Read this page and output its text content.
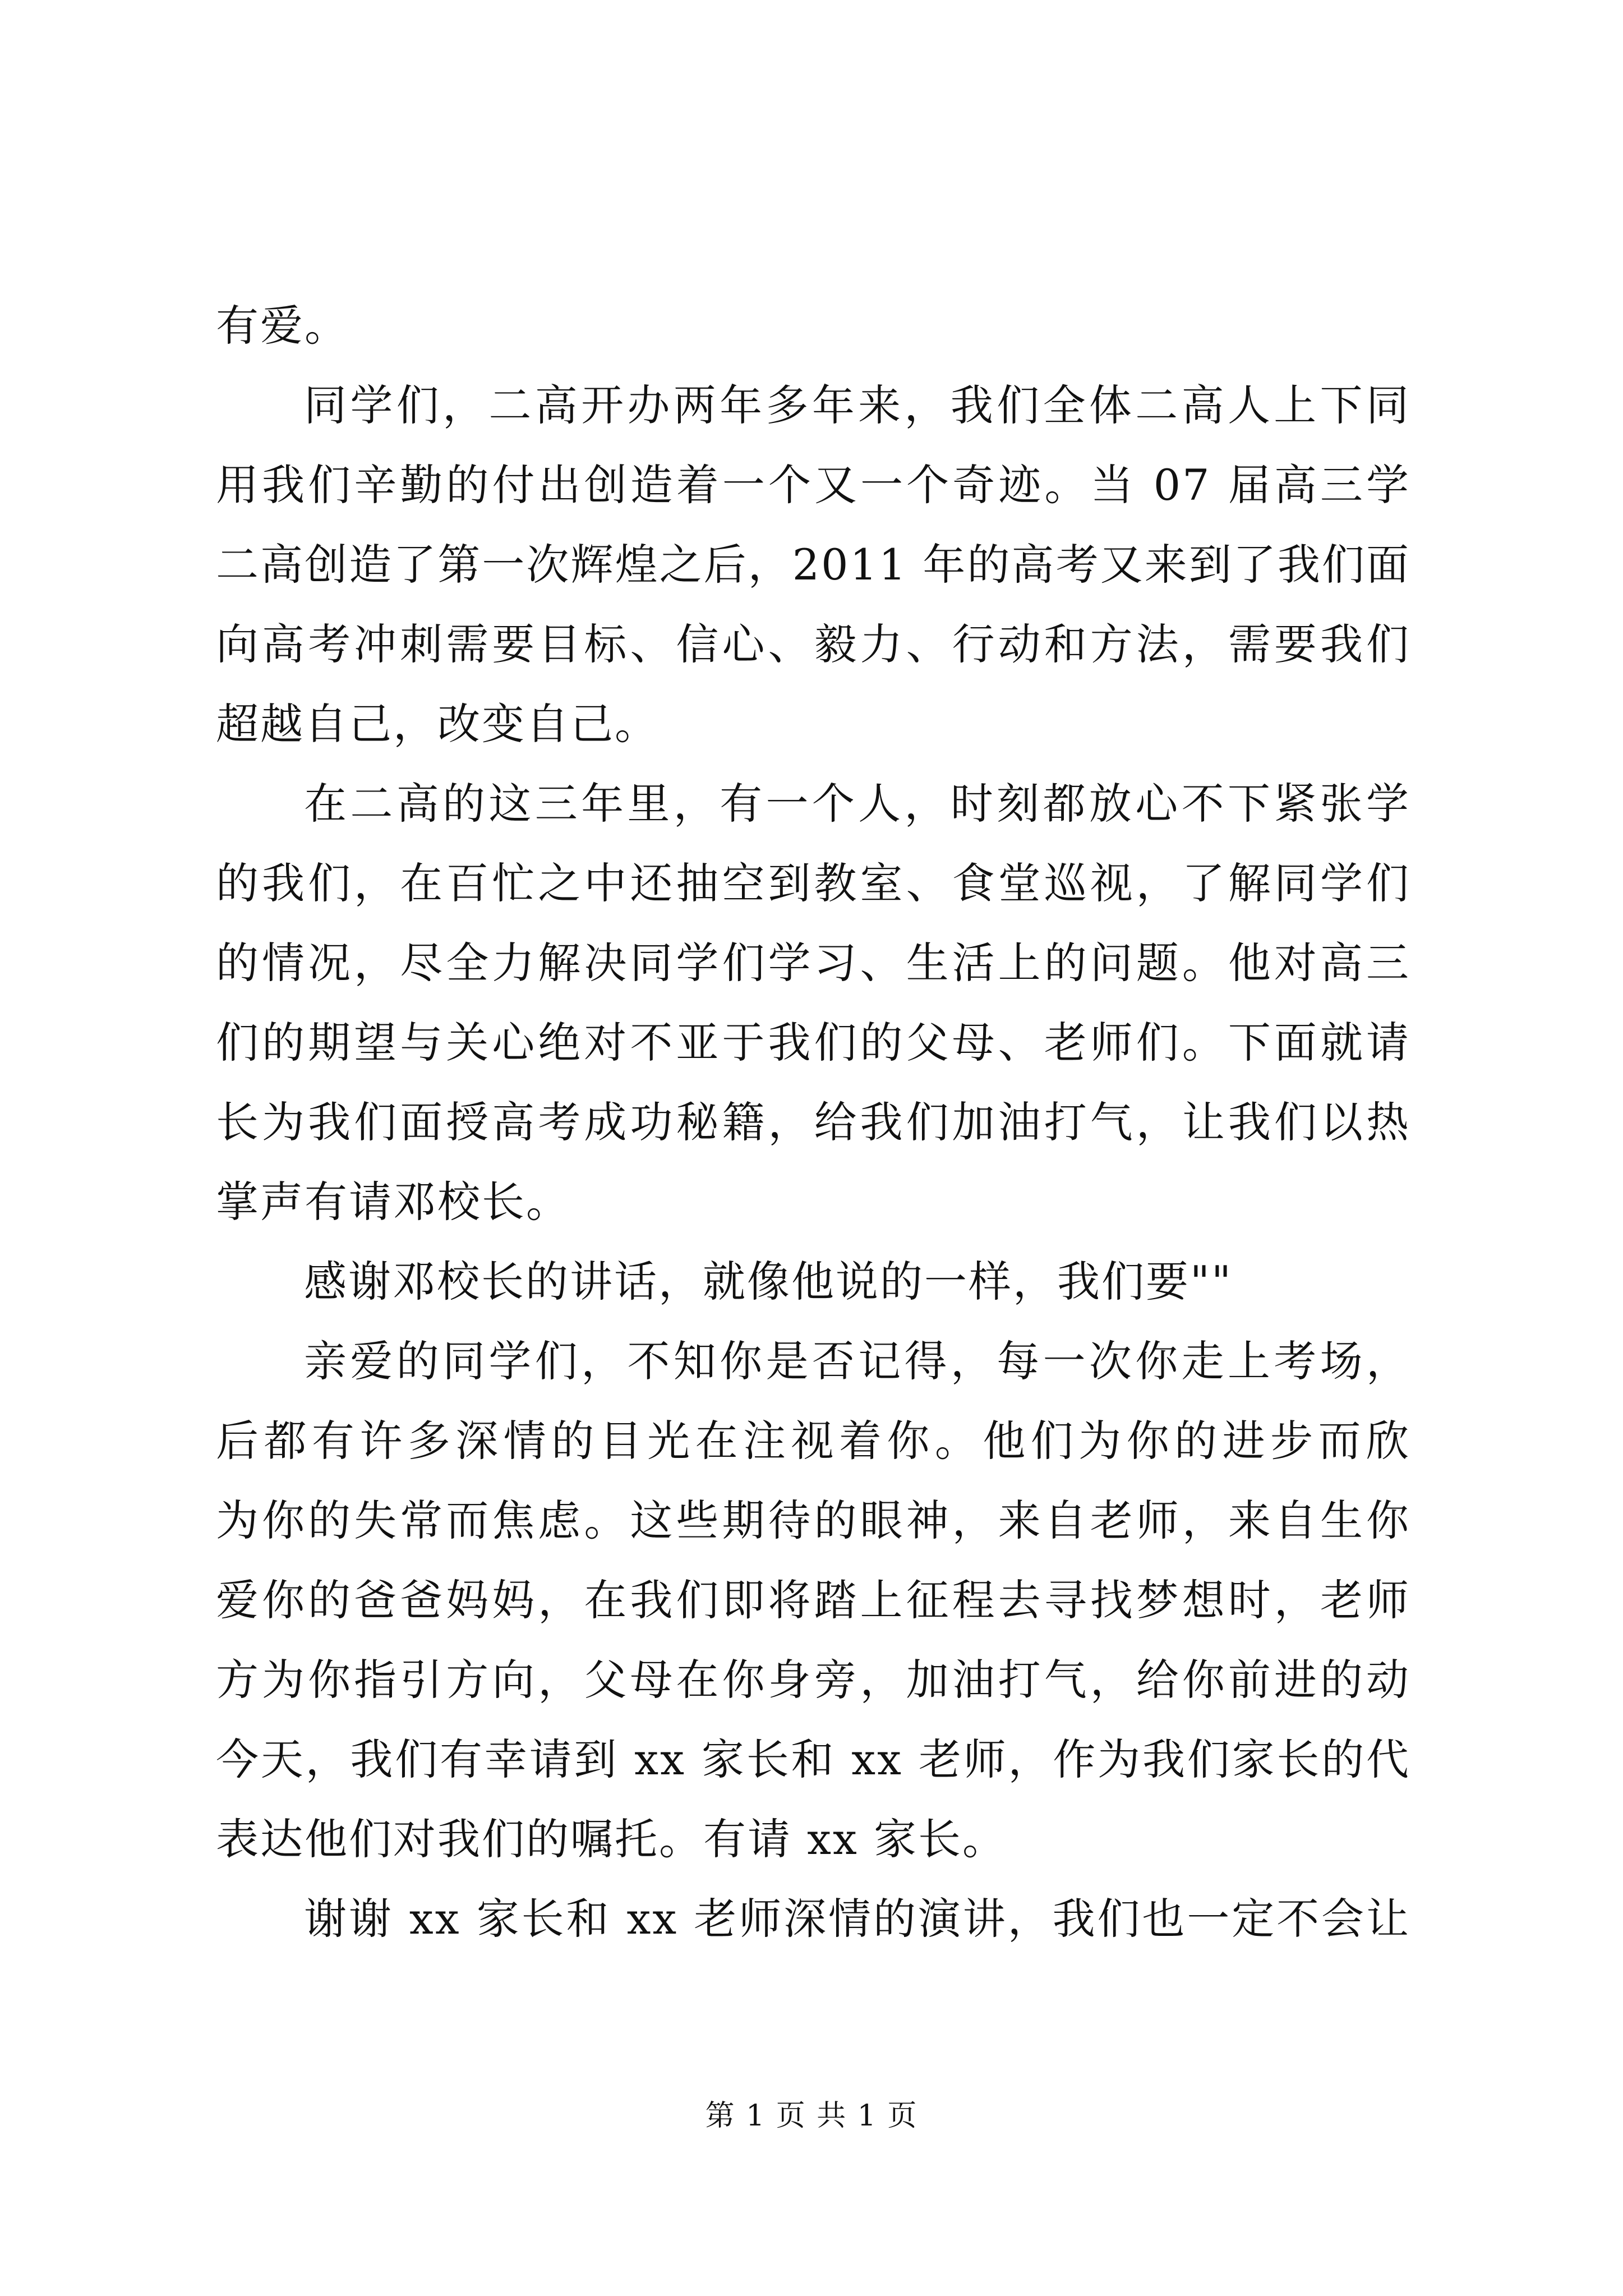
有爱。
同学们，二高开办两年多年来，我们全体二高人上下同
用我们辛勤的付出创造着一个又一个奇迹。当 07 届高三学
二高创造了第一次辉煌之后，2011 年的高考又来到了我们面
向高考冲刺需要目标、信心、毅力、行动和方法，需要我们
超越自己，改变自己。
在二高的这三年里，有一个人，时刻都放心不下紧张学
的我们，在百忙之中还抽空到教室、食堂巡视，了解同学们
的情况，尽全力解决同学们学习、生活上的问题。他对高三
们的期望与关心绝对不亚于我们的父母、老师们。下面就请
长为我们面授高考成功秘籍，给我们加油打气，让我们以热
掌声有请邓校长。
感谢邓校长的讲话，就像他说的一样，我们要""
亲爱的同学们，不知你是否记得，每一次你走上考场，
后都有许多深情的目光在注视着你。他们为你的进步而欣
为你的失常而焦虑。这些期待的眼神，来自老师，来自生你
爱你的爸爸妈妈，在我们即将踏上征程去寻找梦想时，老师
方为你指引方向，父母在你身旁，加油打气，给你前进的动
今天，我们有幸请到 xx 家长和 xx 老师，作为我们家长的代
表达他们对我们的嘱托。有请 xx 家长。
谢谢 xx 家长和 xx 老师深情的演讲，我们也一定不会让
第 1 页 共 1 页
